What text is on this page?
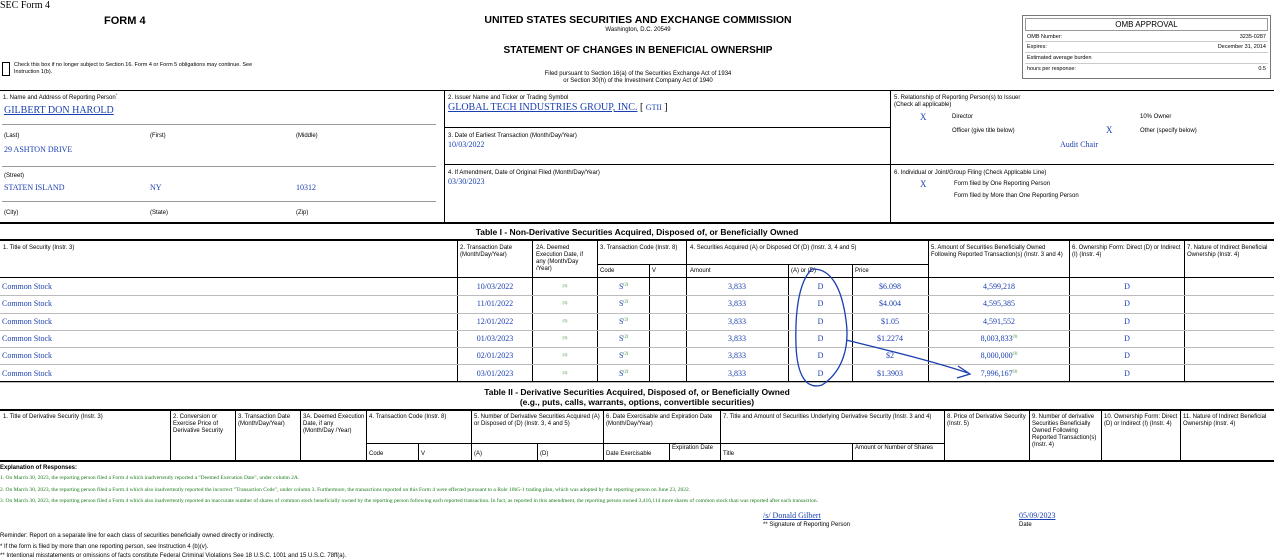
SEC Form 4
FORM 4	UNITED STATES SECURITIES AND EXCHANGE COMMISSION
Washington, D.C. 20549
STATEMENT OF CHANGES IN BENEFICIAL OWNERSHIP
Filed pursuant to Section 16(a) of the Securities Exchange Act of 1934
or Section 30(h) of the Investment Company Act of 1940
Check this box if no longer subject to Section 16. Form 4 or Form 5 obligations may continue. See Instruction 1(b).
OMB APPROVAL
OMB Number:	3235-0287
Expires:	December 31, 2014
Estimated average burden
hours per response:	0.5
1. Name and Address of Reporting Person*
GILBERT DON HAROLD
(Last)	(First)	(Middle)
29 ASHTON DRIVE
(Street)
STATEN ISLAND	NY	10312
(City)	(State)	(Zip)
2. Issuer Name and Ticker or Trading Symbol
GLOBAL TECH INDUSTRIES GROUP, INC. [ GTII ]
3. Date of Earliest Transaction (Month/Day/Year)
10/03/2022
4. If Amendment, Date of Original Filed (Month/Day/Year)
03/30/2023
5. Relationship of Reporting Person(s) to Issuer
(Check all applicable)
X	Director	10% Owner
Officer (give title below)	X	Other (specify below)
Audit Chair
6. Individual or Joint/Group Filing (Check Applicable Line)
X	Form filed by One Reporting Person
Form filed by More than One Reporting Person
Table I - Non-Derivative Securities Acquired, Disposed of, or Beneficially Owned
1. Title of Security (Instr. 3)	2. Transaction Date (Month/Day/Year)
2A. Deemed Execution Date, if any (Month/Day /Year)
3. Transaction Code (Instr. 8)
Code	V
4. Securities Acquired (A) or Disposed Of (D) (Instr. 3, 4 and 5)
Amount	(A) or (D)	Price
5. Amount of Securities Beneficially Owned Following Reported Transaction(s) (Instr. 3 and 4)
6. Ownership Form: Direct (D) or Indirect (I) (Instr. 4)
7. Nature of Indirect Beneficial Ownership (Instr. 4)
Common Stock	10/03/2022	(1)	$S^{(2)}$	3,833	D	$6.098	4,599,218	D
Common Stock	11/01/2022	(1)	$S^{(2)}$	3,833	D	$4.004	4,595,385	D
Common Stock	12/01/2022	(1)	$S^{(2)}$	3,833	D	$1.05	4,591,552	D
Common Stock	01/03/2023	(1)	$S^{(2)}$	3,833	D	$1.2274	8,003,833$^{(3)}$	D
Common Stock	02/01/2023	(1)	$S^{(2)}$	3,833	D	$2	8,000,000$^{(3)}$	D
Common Stock	03/01/2023	(1)	$S^{(2)}$	3,833	D	$1.3903	7,996,167$^{(3)}$	D
Table II - Derivative Securities Acquired, Disposed of, or Beneficially Owned
(e.g., puts, calls, warrants, options, convertible securities)
1. Title of Derivative Security (Instr. 3)	2. Conversion or Exercise Price of Derivative Security
3. Transaction Date (Month/Day/Year)
3A. Deemed Execution Date, if any (Month/Day /Year)
4. Transaction Code (Instr. 8)
Code	V
5. Number of Derivative Securities Acquired (A) or Disposed of (D) (Instr. 3, 4 and 5)
(A)	(D)
6. Date Exercisable and Expiration Date (Month/Day/Year)
Date Exercisable
Expiration Date
7. Title and Amount of Securities Underlying Derivative Security (Instr. 3 and 4)
Title
Amount or Number of Shares
8. Price of Derivative Security (Instr. 5)
9. Number of derivative Securities Beneficially Owned Following Reported Transaction(s) (Instr. 4)
10. Ownership Form: Direct (D) or Indirect (I) (Instr. 4)
11. Nature of Indirect Beneficial Ownership (Instr. 4)
Explanation of Responses:
1. On March 30, 2023, the reporting person filed a Form 4 which inadvertently reported a "Deemed Execution Date", under column 2A.
2. On March 30, 2023, the reporting person filed a Form 4 which also inadvertently reported the incorrect "Transaction Code", under column 3. Furthermore, the transactions reported on this Form 4 were effected pursuant to a Rule 10b5-1 trading plan, which was adopted by the reporting person on June 23, 2022.
3. On March 30, 2023, the reporting person filed a Form 4 which also inadvertently reported an inaccurate number of shares of common stock beneficially owned by the reporting person following each reported transaction. In fact, as reported in this amendment, the reporting person owned 3,416,114 more shares of common stock than was reported after each transaction.
/s/ Donald Gilbert	05/09/2023
** Signature of Reporting Person	Date
Reminder: Report on a separate line for each class of securities beneficially owned directly or indirectly.
* If the form is filed by more than one reporting person, see Instruction 4 (b)(v).
** Intentional misstatements or omissions of facts constitute Federal Criminal Violations See 18 U.S.C. 1001 and 15 U.S.C. 78ff(a).
